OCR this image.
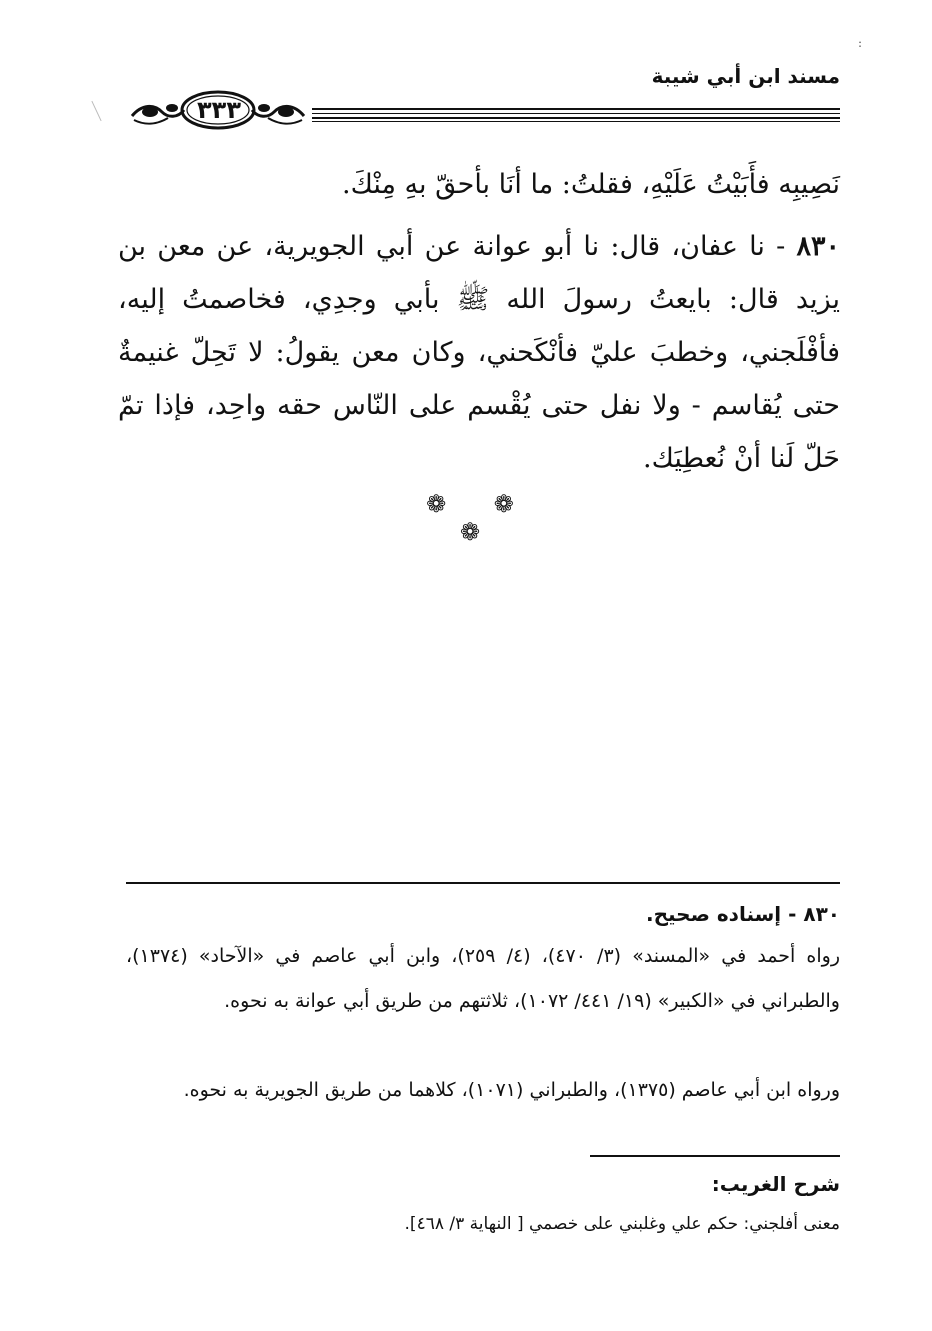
:
مسند ابن أبي شيبة
٣٣٣
نَصِيبِه فأَبَيْتُ عَلَيْهِ، فقلتُ: ما أنَا بأحقّ بهِ مِنْكَ.
٨٣٠ - نا عفان، قال: نا أبو عوانة عن أبي الجويرية، عن معن بن يزيد قال: بايعتُ رسولَ الله ﷺ بأبي وجدِي، فخاصمتُ إليه، فأفْلَجني، وخطبَ عليّ فأنْكَحني، وكان معن يقولُ: لا تَحِلّ غنيمةٌ حتى يُقاسم - ولا نفل حتى يُقْسم على النّاس حقه واحِد، فإذا تمّ حَلّ لَنا أنْ نُعطِيَك.
❁ ❁ ❁
٨٣٠ - إسناده صحيح.
رواه أحمد في «المسند» (٣/ ٤٧٠)، (٤/ ٢٥٩)، وابن أبي عاصم في «الآحاد» (١٣٧٤)، والطبراني في «الكبير» (١٩/ ٤٤١/ ١٠٧٢)، ثلاثتهم من طريق أبي عوانة به نحوه.
ورواه ابن أبي عاصم (١٣٧٥)، والطبراني (١٠٧١)، كلاهما من طريق الجويرية به نحوه.
شرح الغريب:
معنى أفلجني: حكم علي وغلبني على خصمي [ النهاية ٣/ ٤٦٨].
